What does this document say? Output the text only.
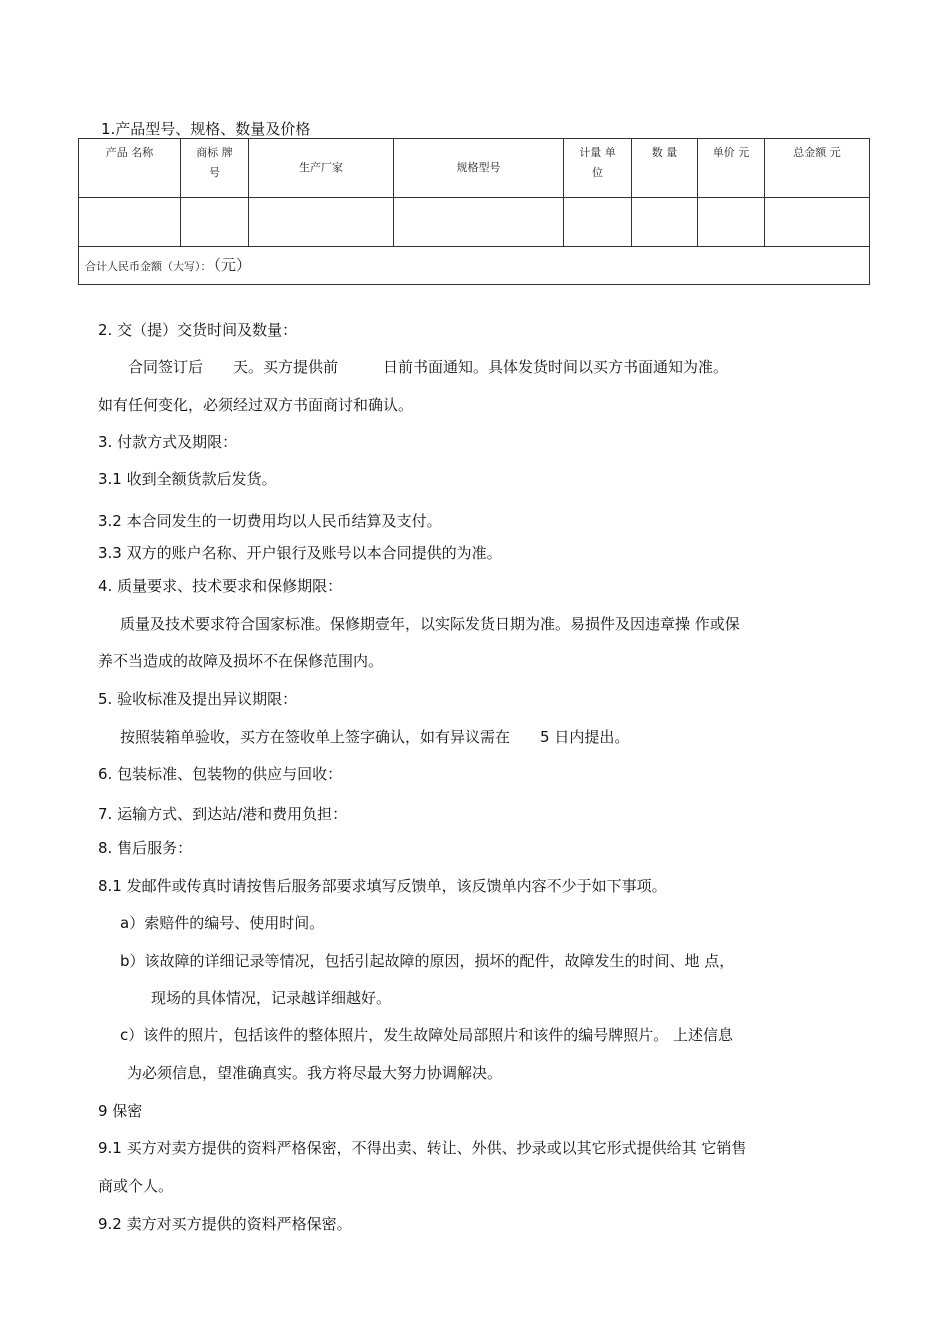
1.产品型号、规格、数量及价格
产品 名称	商标 牌号	生产厂家	规格型号	计量 单位	数 量	单价 元	总金额 元

合计人民币金额（大写）： （元）							
2. 交（提）交货时间及数量：
合同签订后　　天。买方提供前　　　日前书面通知。具体发货时间以买方书面通知为准。
如有任何变化，必须经过双方书面商讨和确认。
3. 付款方式及期限：
3.1 收到全额货款后发货。
3.2 本合同发生的一切费用均以人民币结算及支付。
3.3 双方的账户名称、开户银行及账号以本合同提供的为准。
4. 质量要求、技术要求和保修期限：
质量及技术要求符合国家标准。保修期壹年，以实际发货日期为准。易损件及因违章操 作或保
养不当造成的故障及损坏不在保修范围内。
5. 验收标准及提出异议期限：
按照装箱单验收，买方在签收单上签字确认，如有异议需在　　5 日内提出。
6. 包装标准、包装物的供应与回收：
7. 运输方式、到达站/港和费用负担：
8. 售后服务：
8.1 发邮件或传真时请按售后服务部要求填写反馈单，该反馈单内容不少于如下事项。
a）索赔件的编号、使用时间。
b）该故障的详细记录等情况，包括引起故障的原因，损坏的配件，故障发生的时间、地 点，
现场的具体情况，记录越详细越好。
c）该件的照片，包括该件的整体照片，发生故障处局部照片和该件的编号牌照片。 上述信息
为必须信息，望准确真实。我方将尽最大努力协调解决。
9 保密
9.1 买方对卖方提供的资料严格保密，不得出卖、转让、外供、抄录或以其它形式提供给其 它销售
商或个人。
9.2 卖方对买方提供的资料严格保密。
